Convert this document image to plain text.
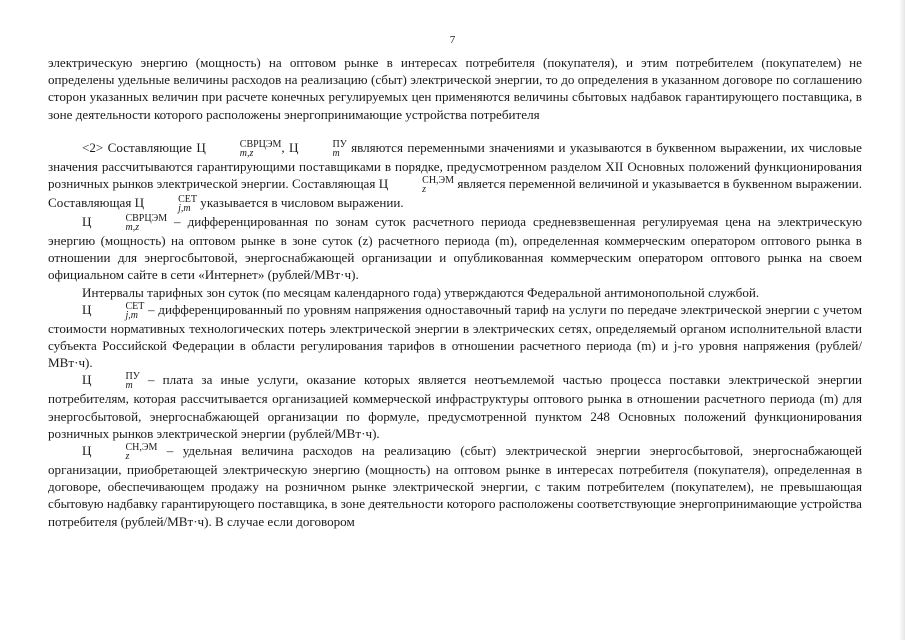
7

электрическую энергию (мощность) на оптовом рынке в интересах потребителя (покупателя), и этим потребителем (покупателем) не определены удельные величины расходов на реализацию (сбыт) электрической энергии, то до определения в указанном договоре по соглашению сторон указанных величин при расчете конечных регулируемых цен применяются величины сбытовых надбавок гарантирующего поставщика, в зоне деятельности которого расположены энергопринимающие устройства потребителя

<2> Составляющие Ц	СВРЦЭМ
m,z	, Ц	ПУ
m являются переменными значениями и указываются в буквенном выражении, их числовые значения рассчитываются гарантирующими поставщиками в порядке, предусмотренном разделом XII Основных положений функционирования розничных рынков электрической энергии. Составляющая Ц	СН,ЭМ
z	является переменной величиной и указывается в буквенном выражении. Составляющая Ц	СЕТ
j,m указывается в числовом выражении.

Ц	СВРЦЭМ
m,z	– дифференцированная по зонам суток расчетного периода средневзвешенная регулируемая цена на электрическую энергию (мощность) на оптовом рынке в зоне суток (z) расчетного периода (m), определенная коммерческим оператором оптового рынка в отношении для энергосбытовой, энергоснабжающей организации и опубликованная коммерческим оператором оптового рынка на своем официальном сайте в сети «Интернет» (рублей/МВт·ч).

Интервалы тарифных зон суток (по месяцам календарного года) утверждаются Федеральной антимонопольной службой.

Ц	СЕТ
j,m – дифференцированный по уровням напряжения одноставочный тариф на услуги по передаче электрической энергии с учетом стоимости нормативных технологических потерь электрической энергии в электрических сетях, определяемый органом исполнительной власти субъекта Российской Федерации в области регулирования тарифов в отношении расчетного периода (m) и j-го уровня напряжения (рублей/МВт·ч).

Ц	ПУ
m – плата за иные услуги, оказание которых является неотъемлемой частью процесса поставки электрической энергии потребителям, которая рассчитывается организацией коммерческой инфраструктуры оптового рынка в отношении расчетного периода (m) для энергосбытовой, энергоснабжающей организации по формуле, предусмотренной пунктом 248 Основных положений функционирования розничных рынков электрической энергии (рублей/МВт·ч).

Ц	СН,ЭМ
z	– удельная величина расходов на реализацию (сбыт) электрической энергии энергосбытовой, энергоснабжающей организации, приобретающей электрическую энергию (мощность) на оптовом рынке в интересах потребителя (покупателя), определенная в договоре, обеспечивающем продажу на розничном рынке электрической энергии, с таким потребителем (покупателем), не превышающая сбытовую надбавку гарантирующего поставщика, в зоне деятельности которого расположены соответствующие энергопринимающие устройства потребителя (рублей/МВт·ч). В случае если договором
